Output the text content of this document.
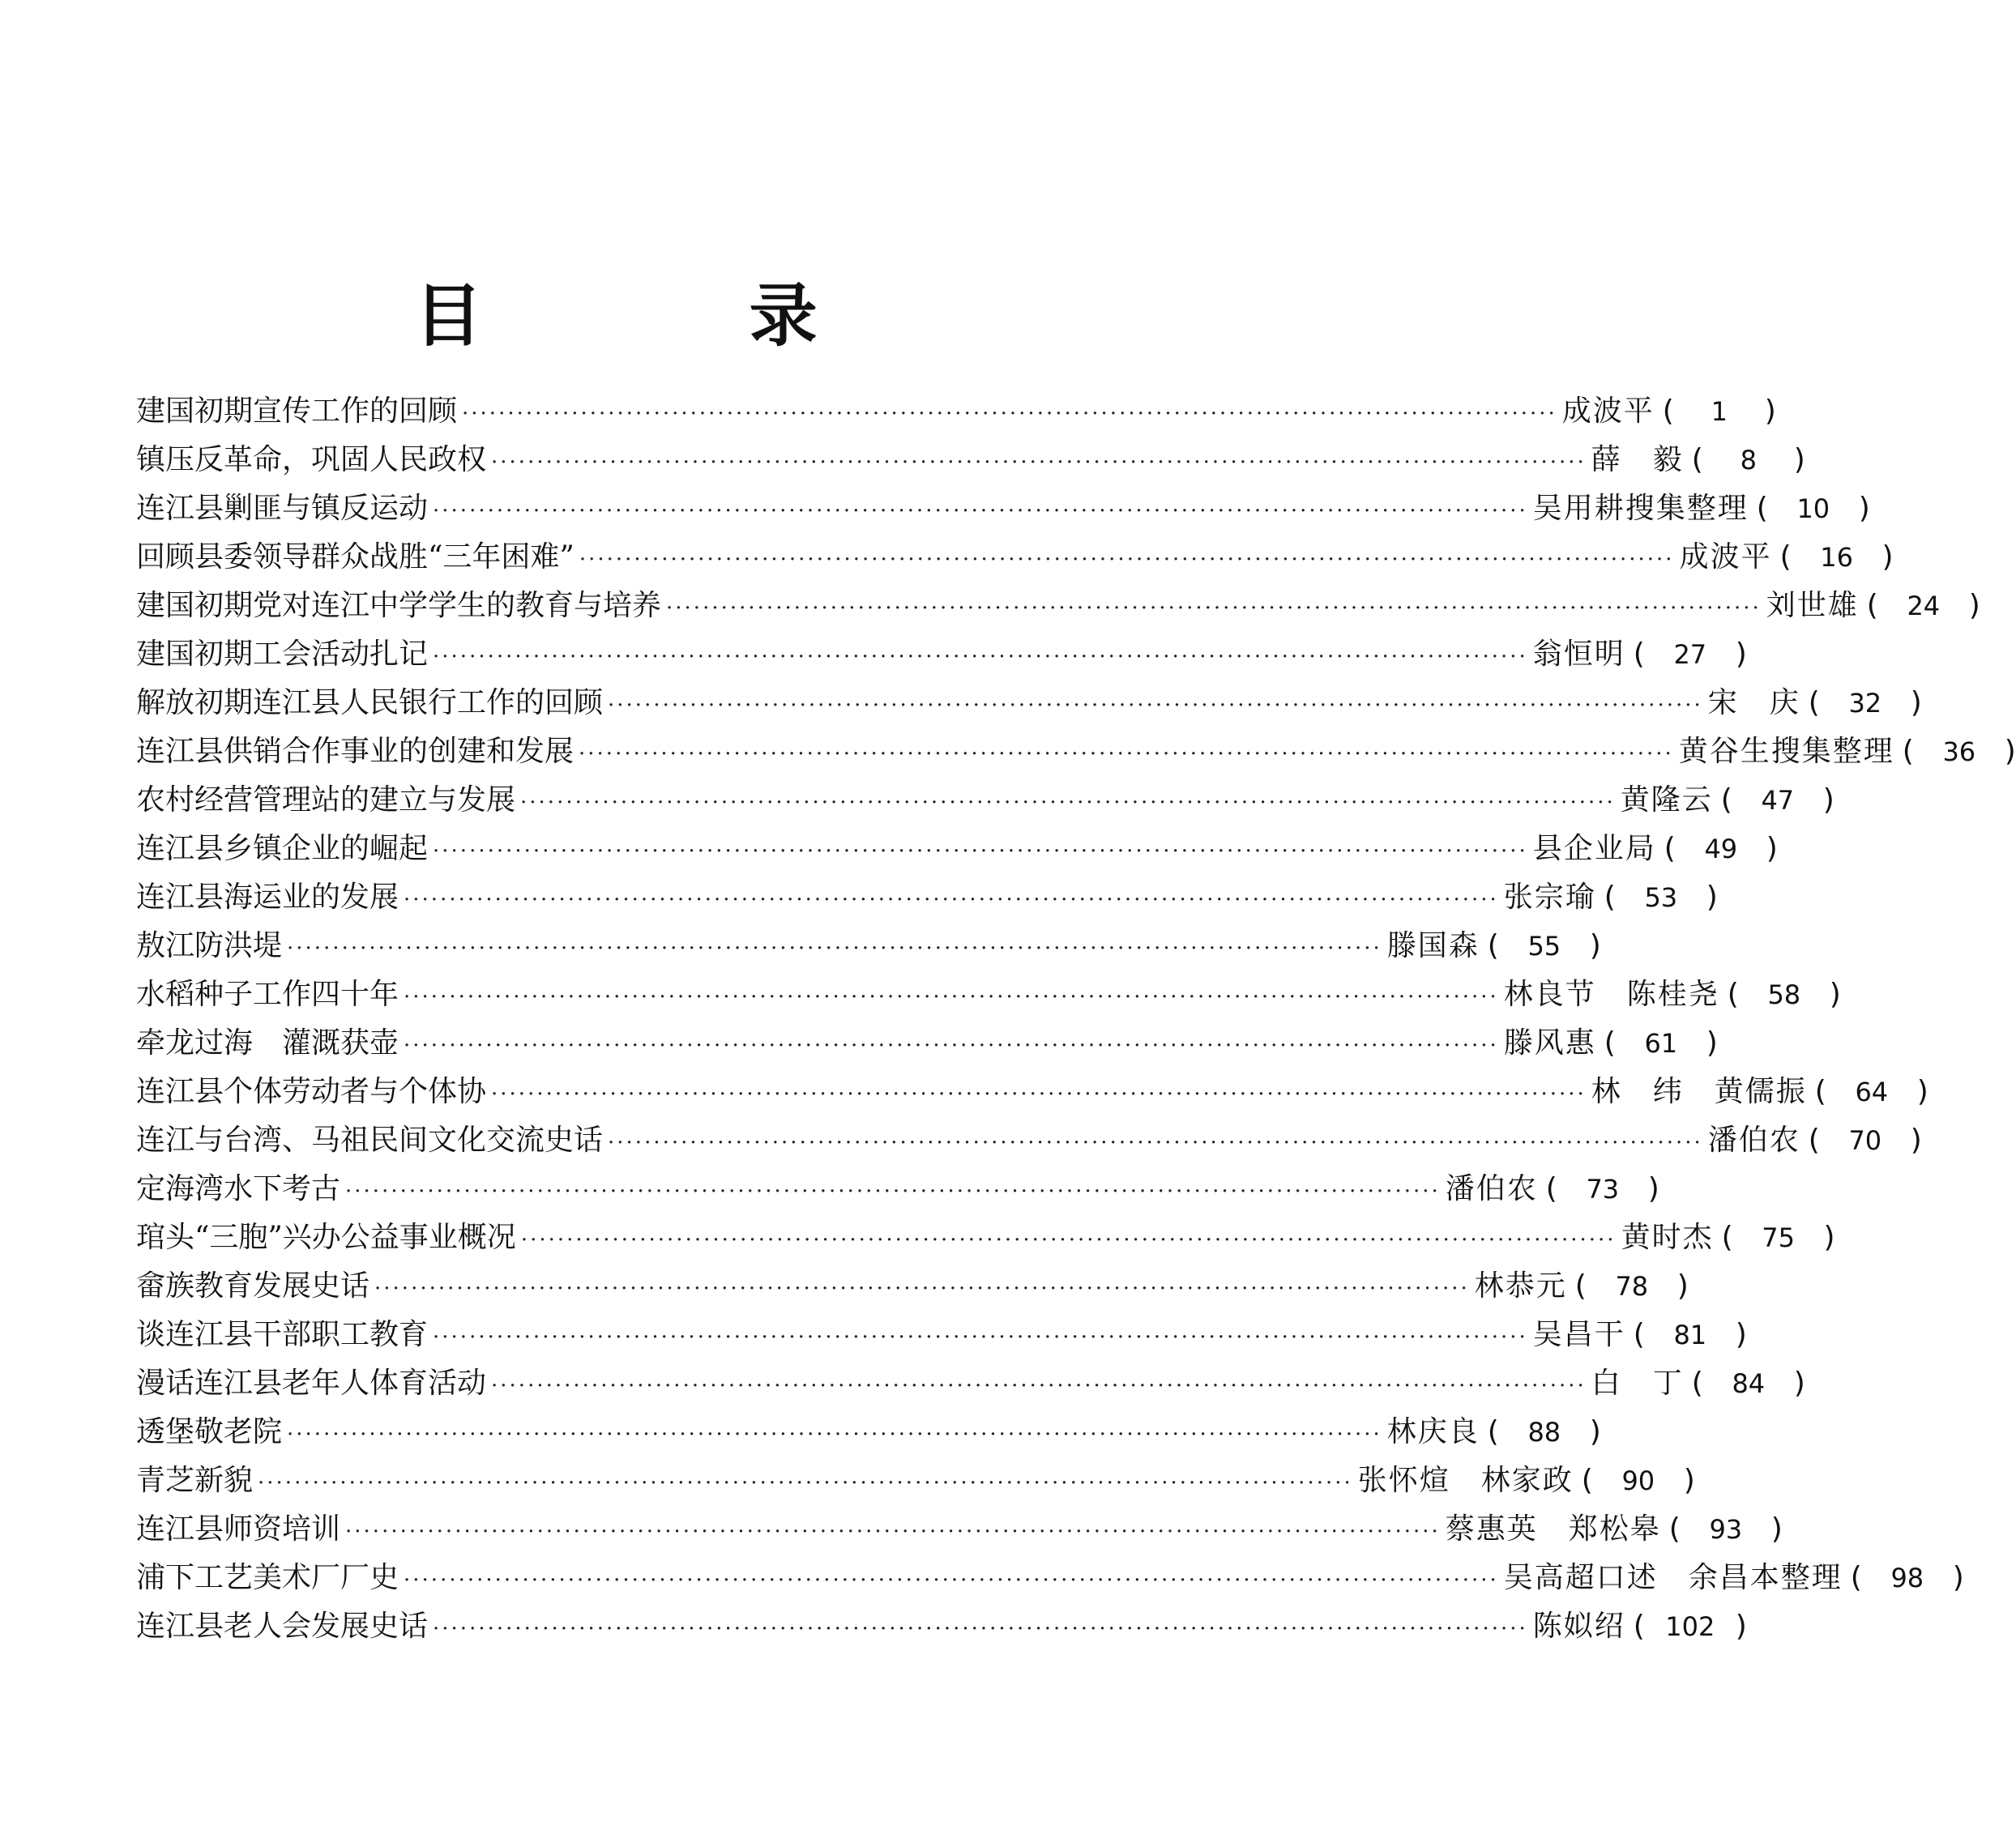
目 录
建国初期宣传工作的回顾 ························································································································ 成波平 (	1	)
镇压反革命，巩固人民政权 ························································································································ 薛　毅 (	8	)
连江县剿匪与镇反运动 ························································································································ 吴用耕搜集整理 (	10 )
回顾县委领导群众战胜“三年困难” ························································································································ 成波平 (	16 )
建国初期党对连江中学学生的教育与培养 ························································································································ 刘世雄 (	24 )
建国初期工会活动扎记 ························································································································ 翁恒明 (	27 )
解放初期连江县人民银行工作的回顾 ························································································································ 宋　庆 (	32 )
连江县供销合作事业的创建和发展 ························································································································ 黄谷生搜集整理 (	36 )
农村经营管理站的建立与发展 ························································································································ 黄隆云 (	47 )
连江县乡镇企业的崛起 ························································································································ 县企业局 (	49 )
连江县海运业的发展 ························································································································ 张宗瑜 (	53 )
敖江防洪堤 ························································································································ 滕国森 (	55 )
水稻种子工作四十年 ························································································································ 林良节　陈桂尧 (	58 )
牵龙过海　灌溉获壶 ························································································································ 滕风惠 (	61 )
连江县个体劳动者与个体协 ························································································································ 林　纬　黄儒振 (	64 )
连江与台湾、马祖民间文化交流史话 ························································································································ 潘伯农 (	70 )
定海湾水下考古 ························································································································ 潘伯农 (	73 )
琯头“三胞”兴办公益事业概况 ························································································································ 黄时杰 (	75 )
畲族教育发展史话 ························································································································ 林恭元 (	78 )
谈连江县干部职工教育 ························································································································ 吴昌干 (	81 )
漫话连江县老年人体育活动 ························································································································ 白　丁 (	84 )
透堡敬老院 ························································································································ 林庆良 (	88 )
青芝新貌 ························································································································ 张怀煊　林家政 (	90 )
连江县师资培训 ························································································································ 蔡惠英　郑松皋 (	93 )
浦下工艺美术厂厂史 ························································································································ 吴高超口述　余昌本整理 (	98 )
连江县老人会发展史话 ························································································································ 陈姒绍 ( 102 )
